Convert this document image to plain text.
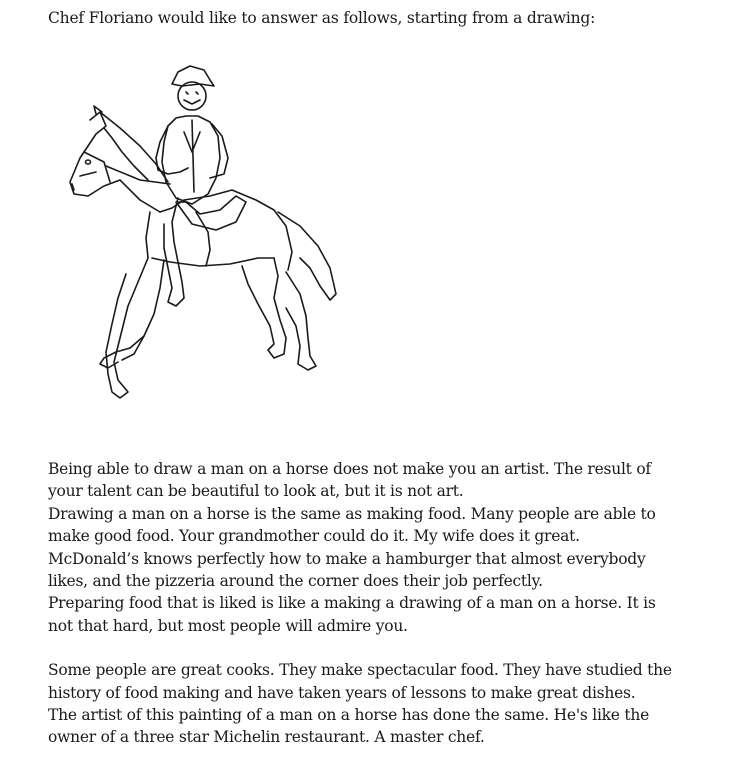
Chef Floriano would like to answer as follows, starting from a drawing:

Being able to draw a man on a horse does not make you an artist. The result of
your talent can be beautiful to look at, but it is not art.
Drawing a man on a horse is the same as making food. Many people are able to
make good food. Your grandmother could do it. My wife does it great.
McDonald’s knows perfectly how to make a hamburger that almost everybody
likes, and the pizzeria around the corner does their job perfectly.
Preparing food that is liked is like a making a drawing of a man on a horse. It is
not that hard, but most people will admire you.

Some people are great cooks. They make spectacular food. They have studied the
history of food making and have taken years of lessons to make great dishes.
The artist of this painting of a man on a horse has done the same. He's like the
owner of a three star Michelin restaurant. A master chef.
